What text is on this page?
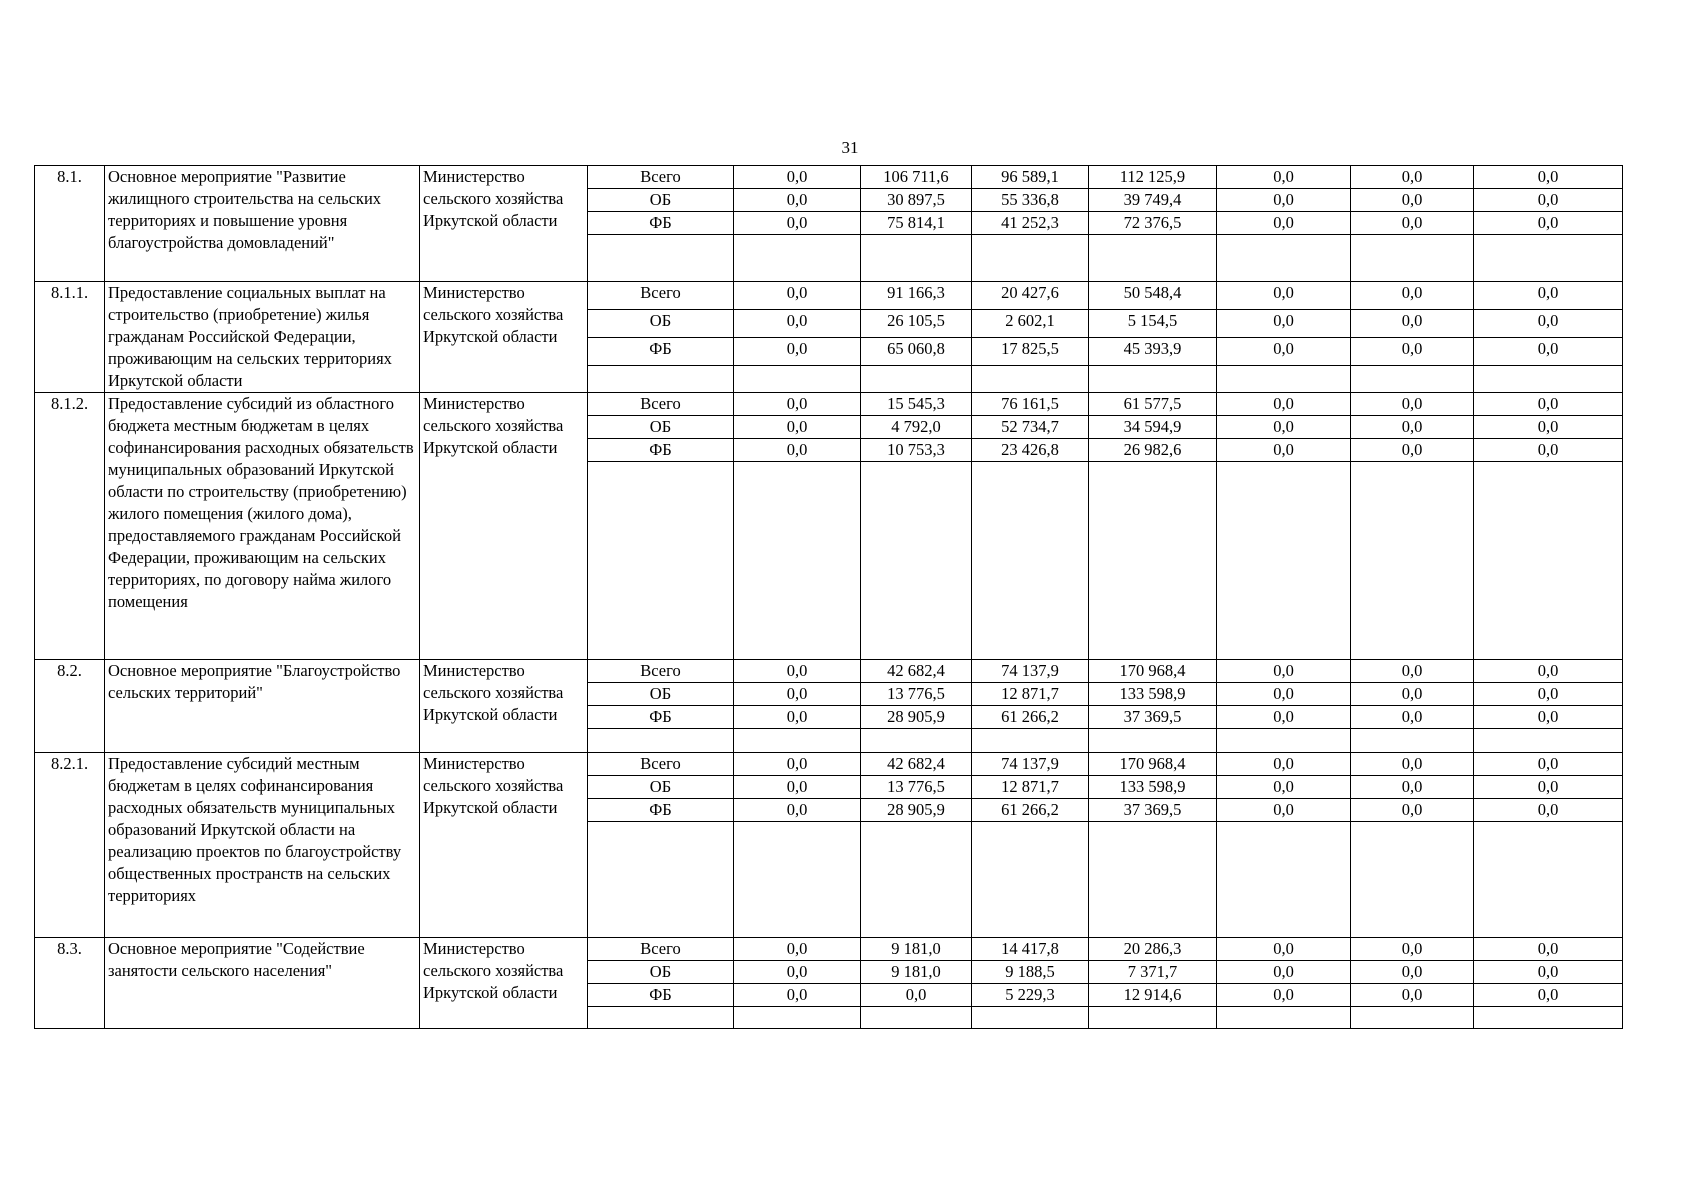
31
8.1.	Основное мероприятие "Развитие жилищного строительства на сельских территориях и повышение уровня благоустройства домовладений"	Министерство сельского хозяйства Иркутской области	Всего	0,0	106 711,6	96 589,1	112 125,9	0,0	0,0	0,0
			ОБ	0,0	30 897,5	55 336,8	39 749,4	0,0	0,0	0,0
			ФБ	0,0	75 814,1	41 252,3	72 376,5	0,0	0,0	0,0

8.1.1.	Предоставление социальных выплат на строительство (приобретение) жилья гражданам Российской Федерации, проживающим на сельских территориях Иркутской области	Министерство сельского хозяйства Иркутской области	Всего	0,0	91 166,3	20 427,6	50 548,4	0,0	0,0	0,0
			ОБ	0,0	26 105,5	2 602,1	5 154,5	0,0	0,0	0,0
			ФБ	0,0	65 060,8	17 825,5	45 393,9	0,0	0,0	0,0

8.1.2.	Предоставление субсидий из областного бюджета местным бюджетам в целях софинансирования расходных обязательств муниципальных образований Иркутской области по строительству (приобретению) жилого помещения (жилого дома), предоставляемого гражданам Российской Федерации, проживающим на сельских территориях, по договору найма жилого помещения	Министерство сельского хозяйства Иркутской области	Всего	0,0	15 545,3	76 161,5	61 577,5	0,0	0,0	0,0
			ОБ	0,0	4 792,0	52 734,7	34 594,9	0,0	0,0	0,0
			ФБ	0,0	10 753,3	23 426,8	26 982,6	0,0	0,0	0,0

8.2.	Основное мероприятие "Благоустройство сельских территорий"	Министерство сельского хозяйства Иркутской области	Всего	0,0	42 682,4	74 137,9	170 968,4	0,0	0,0	0,0
			ОБ	0,0	13 776,5	12 871,7	133 598,9	0,0	0,0	0,0
			ФБ	0,0	28 905,9	61 266,2	37 369,5	0,0	0,0	0,0

8.2.1.	Предоставление субсидий местным бюджетам в целях софинансирования расходных обязательств муниципальных образований Иркутской области на реализацию проектов по благоустройству общественных пространств на сельских территориях	Министерство сельского хозяйства Иркутской области	Всего	0,0	42 682,4	74 137,9	170 968,4	0,0	0,0	0,0
			ОБ	0,0	13 776,5	12 871,7	133 598,9	0,0	0,0	0,0
			ФБ	0,0	28 905,9	61 266,2	37 369,5	0,0	0,0	0,0

8.3.	Основное мероприятие "Содействие занятости сельского населения"	Министерство сельского хозяйства Иркутской области	Всего	0,0	9 181,0	14 417,8	20 286,3	0,0	0,0	0,0
			ОБ	0,0	9 181,0	9 188,5	7 371,7	0,0	0,0	0,0
			ФБ	0,0	0,0	5 229,3	12 914,6	0,0	0,0	0,0
